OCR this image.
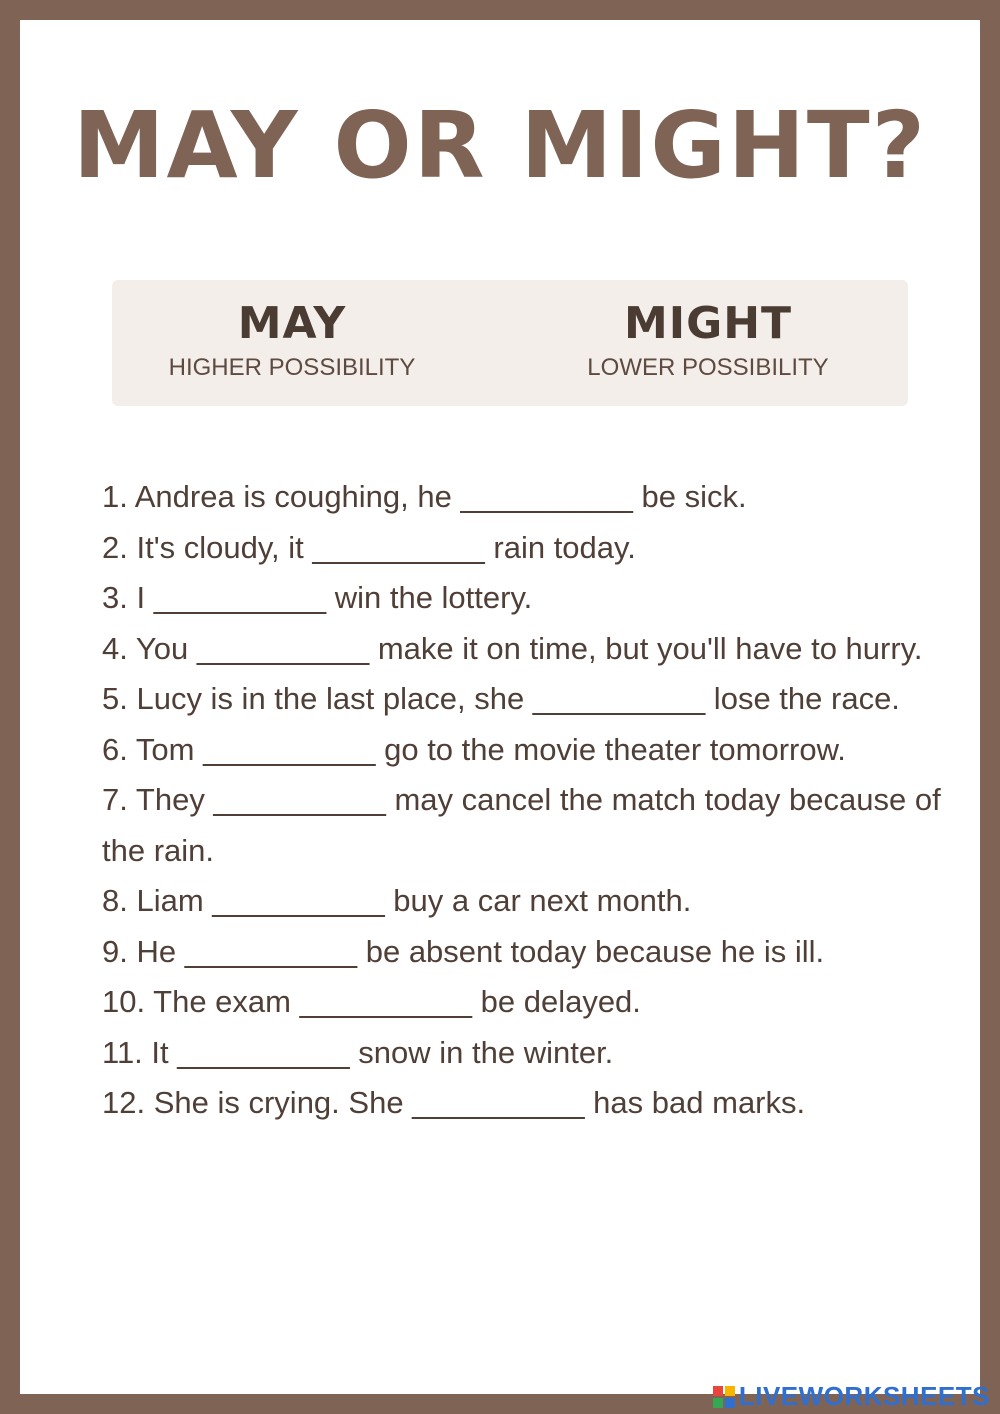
MAY OR MIGHT?
MAY
HIGHER POSSIBILITY
MIGHT
LOWER POSSIBILITY
1. Andrea is coughing, he __________ be sick.
2. It's cloudy, it __________ rain today.
3. I __________ win the lottery.
4. You __________ make it on time, but you'll have to hurry.
5. Lucy is in the last place, she __________ lose the race.
6. Tom __________ go to the movie theater tomorrow.
7. They __________ may cancel the match today because of the rain.
8. Liam __________ buy a car next month.
9. He __________ be absent today because he is ill.
10. The exam __________ be delayed.
11. It __________ snow in the winter.
12. She is crying. She __________ has bad marks.
LIVEWORKSHEETS
